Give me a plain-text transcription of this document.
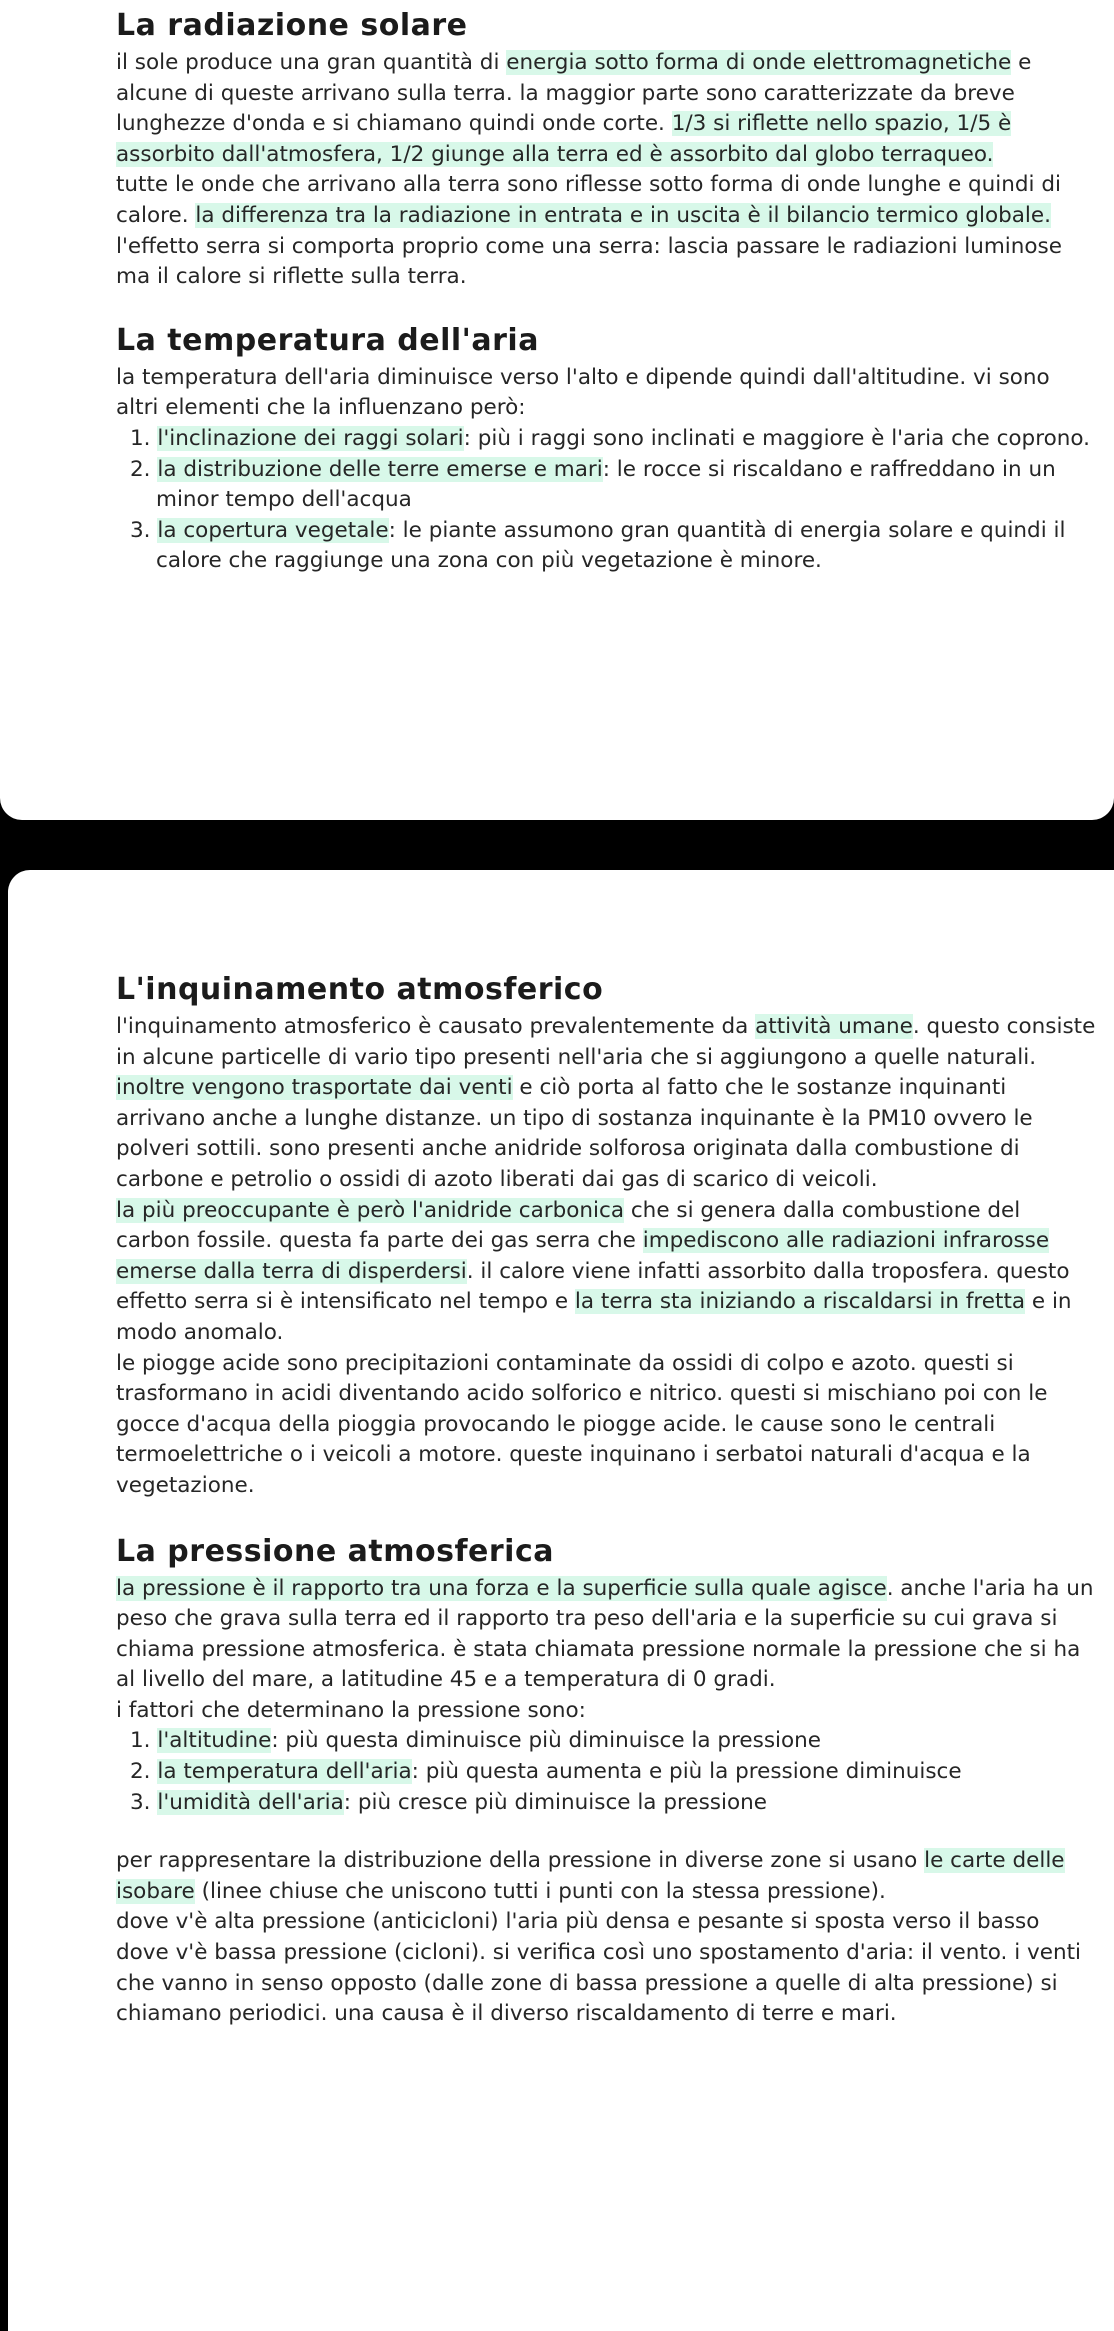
La radiazione solare

il sole produce una gran quantità di energia sotto forma di onde elettromagnetiche e alcune di queste arrivano sulla terra. la maggior parte sono caratterizzate da breve lunghezze d'onda e si chiamano quindi onde corte. 1/3 si riflette nello spazio, 1/5 è assorbito dall'atmosfera, 1/2 giunge alla terra ed è assorbito dal globo terraqueo.

tutte le onde che arrivano alla terra sono riflesse sotto forma di onde lunghe e quindi di calore. la differenza tra la radiazione in entrata e in uscita è il bilancio termico globale.

l'effetto serra si comporta proprio come una serra: lascia passare le radiazioni luminose ma il calore si riflette sulla terra.

La temperatura dell'aria

la temperatura dell'aria diminuisce verso l'alto e dipende quindi dall'altitudine. vi sono altri elementi che la influenzano però:

1. l'inclinazione dei raggi solari: più i raggi sono inclinati e maggiore è l'aria che coprono.
2. la distribuzione delle terre emerse e mari: le rocce si riscaldano e raffreddano in un minor tempo dell'acqua
3. la copertura vegetale: le piante assumono gran quantità di energia solare e quindi il calore che raggiunge una zona con più vegetazione è minore.
L'inquinamento atmosferico

l'inquinamento atmosferico è causato prevalentemente da attività umane. questo consiste in alcune particelle di vario tipo presenti nell'aria che si aggiungono a quelle naturali. inoltre vengono trasportate dai venti e ciò porta al fatto che le sostanze inquinanti arrivano anche a lunghe distanze. un tipo di sostanza inquinante è la PM10 ovvero le polveri sottili. sono presenti anche anidride solforosa originata dalla combustione di carbone e petrolio o ossidi di azoto liberati dai gas di scarico di veicoli.

la più preoccupante è però l'anidride carbonica che si genera dalla combustione del carbon fossile. questa fa parte dei gas serra che impediscono alle radiazioni infrarosse emerse dalla terra di disperdersi. il calore viene infatti assorbito dalla troposfera. questo effetto serra si è intensificato nel tempo e la terra sta iniziando a riscaldarsi in fretta e in modo anomalo.

le piogge acide sono precipitazioni contaminate da ossidi di colpo e azoto. questi si trasformano in acidi diventando acido solforico e nitrico. questi si mischiano poi con le gocce d'acqua della pioggia provocando le piogge acide. le cause sono le centrali termoelettriche o i veicoli a motore. queste inquinano i serbatoi naturali d'acqua e la vegetazione.

La pressione atmosferica

la pressione è il rapporto tra una forza e la superficie sulla quale agisce. anche l'aria ha un peso che grava sulla terra ed il rapporto tra peso dell'aria e la superficie su cui grava si chiama pressione atmosferica. è stata chiamata pressione normale la pressione che si ha al livello del mare, a latitudine 45 e a temperatura di 0 gradi.

i fattori che determinano la pressione sono:

1. l'altitudine: più questa diminuisce più diminuisce la pressione
2. la temperatura dell'aria: più questa aumenta e più la pressione diminuisce
3. l'umidità dell'aria: più cresce più diminuisce la pressione

per rappresentare la distribuzione della pressione in diverse zone si usano le carte delle isobare (linee chiuse che uniscono tutti i punti con la stessa pressione).

dove v'è alta pressione (anticicloni) l'aria più densa e pesante si sposta verso il basso dove v'è bassa pressione (cicloni). si verifica così uno spostamento d'aria: il vento. i venti che vanno in senso opposto (dalle zone di bassa pressione a quelle di alta pressione) si chiamano periodici. una causa è il diverso riscaldamento di terre e mari.
